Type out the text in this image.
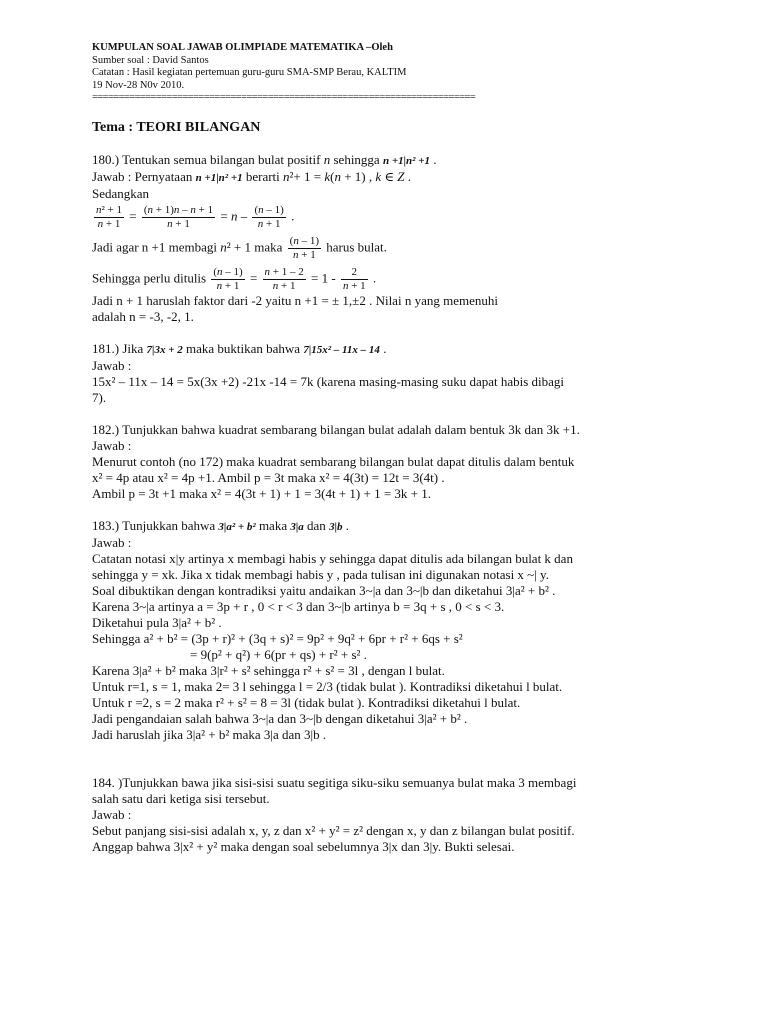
KUMPULAN SOAL JAWAB OLIMPIADE MATEMATIKA –Oleh
Sumber soal : David Santos
Catatan : Hasil kegiatan pertemuan guru-guru SMA-SMP Berau, KALTIM
19 Nov-28 N0v 2010.
========================================================================
Tema : TEORI BILANGAN
180.) Tentukan semua bilangan bulat positif n sehingga n +1|n² +1 .
Jawab : Pernyataan n +1|n² +1 berarti n²+ 1 = k(n + 1) , k ∈ Z .
Sedangkan
$\frac{\text{n² + 1}}{n + 1} = \frac{(n + 1)n - n + 1}{n + 1} = n - \frac{(n - 1)}{n + 1}$ .
Jadi agar n +1 membagi n² + 1 maka $\frac{(n - 1)}{n + 1}$ harus bulat.
Sehingga perlu ditulis $\frac{(n - 1)}{n + 1} = \frac{n + 1 - 2}{n + 1} = 1 - \frac{2}{n + 1}$ .
Jadi n + 1 haruslah faktor dari -2 yaitu n +1 = ± 1,±2 . Nilai n yang memenuhi
adalah n = -3, -2, 1.
181.) Jika 7|3x + 2 maka buktikan bahwa 7|15x² – 11x – 14 .
Jawab :
15x² – 11x – 14 = 5x(3x +2) -21x -14 = 7k (karena masing-masing suku dapat habis dibagi
7).
182.) Tunjukkan bahwa kuadrat sembarang bilangan bulat adalah dalam bentuk 3k dan 3k +1.
Jawab :
Menurut contoh (no 172) maka kuadrat sembarang bilangan bulat dapat ditulis dalam bentuk
x² = 4p atau x² = 4p +1. Ambil p = 3t maka x² = 4(3t) = 12t = 3(4t) .
Ambil p = 3t +1 maka x² = 4(3t + 1) + 1 = 3(4t + 1) + 1 = 3k + 1.
183.) Tunjukkan bahwa 3|a² + b² maka 3|a dan 3|b .
Jawab :
Catatan notasi x|y artinya x membagi habis y sehingga dapat ditulis ada bilangan bulat k dan
sehingga y = xk. Jika x tidak membagi habis y , pada tulisan ini digunakan notasi x ~| y.
Soal dibuktikan dengan kontradiksi yaitu andaikan 3~|a dan 3~|b dan diketahui 3|a² + b² .
Karena 3~|a artinya a = 3p + r , 0 < r < 3 dan 3~|b artinya b = 3q + s , 0 < s < 3.
Diketahui pula 3|a² + b² .
Sehingga a² + b² = (3p + r)² + (3q + s)² = 9p² + 9q² + 6pr + r² + 6qs + s²
= 9(p² + q²) + 6(pr + qs) + r² + s² .
Karena 3|a² + b² maka 3|r² + s² sehingga r² + s² = 3l , dengan l bulat.
Untuk r=1, s = 1, maka 2= 3 l sehingga l = 2/3 (tidak bulat ). Kontradiksi diketahui l bulat.
Untuk r =2, s = 2 maka r² + s² = 8 = 3l (tidak bulat ). Kontradiksi diketahui l bulat.
Jadi pengandaian salah bahwa 3~|a dan 3~|b dengan diketahui 3|a² + b² .
Jadi haruslah jika 3|a² + b² maka 3|a dan 3|b .
184. )Tunjukkan bawa jika sisi-sisi suatu segitiga siku-siku semuanya bulat maka 3 membagi
salah satu dari ketiga sisi tersebut.
Jawab :
Sebut panjang sisi-sisi adalah x, y, z dan x² + y² = z² dengan x, y dan z bilangan bulat positif.
Anggap bahwa 3|x² + y² maka dengan soal sebelumnya 3|x dan 3|y. Bukti selesai.
